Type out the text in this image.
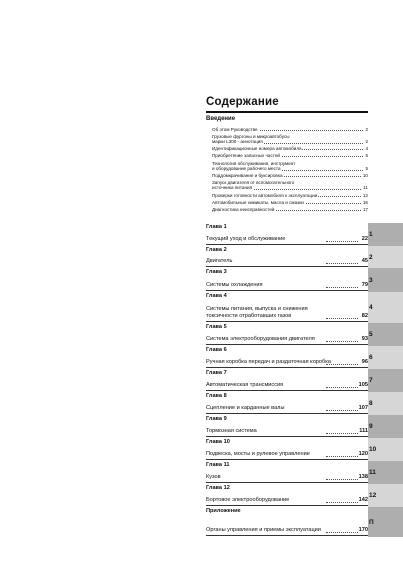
Содержание
Введение
Об этом Руководстве	2
Грузовые фургоны и микроавтобусы
марки L300 - аннотация	2
Идентификационные номера автомобиля	4
Приобретение запасных частей	5
Технология обслуживания, инструмент
и оборудование рабочего места	5
Поддомкрачивание и буксировка	10
Запуск двигателя от вспомогательного
источника питания	11
Проверки готовности автомобиля к эксплуатации	12
Автомобильные химикаты, масла и смазки	16
Диагностика неисправностей	17
Глава 1
Текущий уход и обслуживание	22
1
Глава 2
Двигатель	45
2
Глава 3
Системы охлаждения	79
3
Глава 4
Системы питания, выпуска и снижения
токсичности отработавших газов	82
4
Глава 5
Система электрооборудования двигателя	93
5
Глава 6
Ручная коробка передач и раздаточная коробка	96
6
Глава 7
Автоматическая трансмиссия	105
7
Глава 8
Сцепление и карданные валы	107
8
Глава 9
Тормозная система	111
9
Глава 10
Подвеска, мосты и рулевое управление	120
10
Глава 11
Кузов	138
11
Глава 12
Бортовое электрооборудование	142
12
Приложение
Органы управления и приемы эксплуатации	170
П
